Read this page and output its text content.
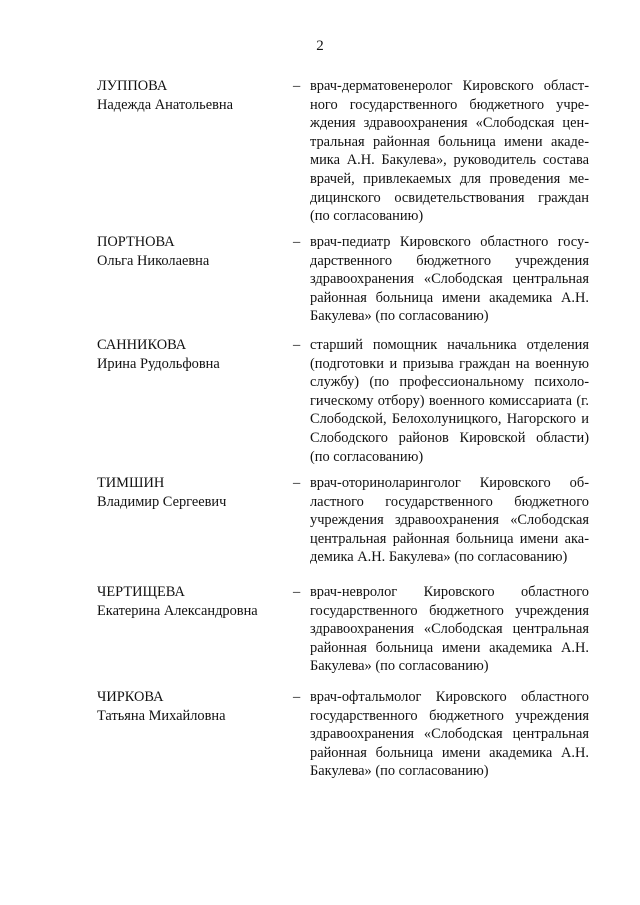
2
ЛУППОВА
Надежда Анатольевна
– врач-дерматовенеролог Кировского областного государственного бюджетного учреждения здравоохранения «Слободская центральная районная больница имени академика А.Н. Бакулева», руководитель состава врачей, привлекаемых для проведения медицинского освидетельствования граждан (по согласованию)
ПОРТНОВА
Ольга Николаевна
– врач-педиатр Кировского областного государственного бюджетного учреждения здравоохранения «Слободская центральная районная больница имени академика А.Н. Бакулева» (по согласованию)
САННИКОВА
Ирина Рудольфовна
– старший помощник начальника отделения (подготовки и призыва граждан на военную службу) (по профессиональному психологическому отбору) военного комиссариата (г. Слободской, Белохолуницкого, Нагорского и Слободского районов Кировской области) (по согласованию)
ТИМШИН
Владимир Сергеевич
– врач-оториноларинголог Кировского областного государственного бюджетного учреждения здравоохранения «Слободская центральная районная больница имени академика А.Н. Бакулева» (по согласованию)
ЧЕРТИЩЕВА
Екатерина Александровна
– врач-невролог Кировского областного государственного бюджетного учреждения здравоохранения «Слободская центральная районная больница имени академика А.Н. Бакулева» (по согласованию)
ЧИРКОВА
Татьяна Михайловна
– врач-офтальмолог Кировского областного государственного бюджетного учреждения здравоохранения «Слободская центральная районная больница имени академика А.Н. Бакулева» (по согласованию)
